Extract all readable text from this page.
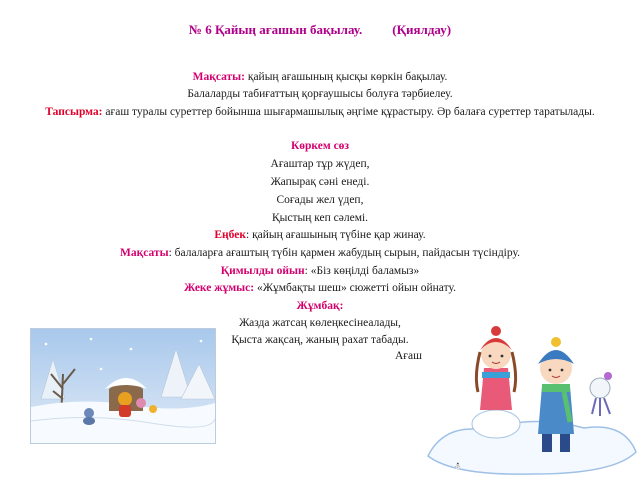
№ 6 Қайың ағашын бақылау. (Қиялдау)
Мақсаты: қайың ағашының қысқы көркін бақылау.
Балаларды табиғаттың қорғаушысы болуға тәрбиелеу.
Тапсырма: ағаш туралы суреттер бойынша шығармашылық әңгіме құрастыру. Әр балаға суреттер таратылады.
Көркем сөз
Ағаштар тұр жүдеп,
Жапырақ сәні енеді.
Соғады жел үдеп,
Қыстың кеп сәлемі.
Еңбек: қайың ағашының түбіне қар жинау.
Мақсаты: балаларға ағаштың түбін қармен жабудың сырын, пайдасын түсіндіру.
Қимылды ойын: «Біз көңілді баламыз»
Жеке жұмыс: «Жұмбақты шеш» сюжетті ойын ойнату.
Жұмбақ:
Жазда жатсаң көлеңкесінеалады,
Қыста жақсаң, жаның рахат табады.
Ағаш
⛄
